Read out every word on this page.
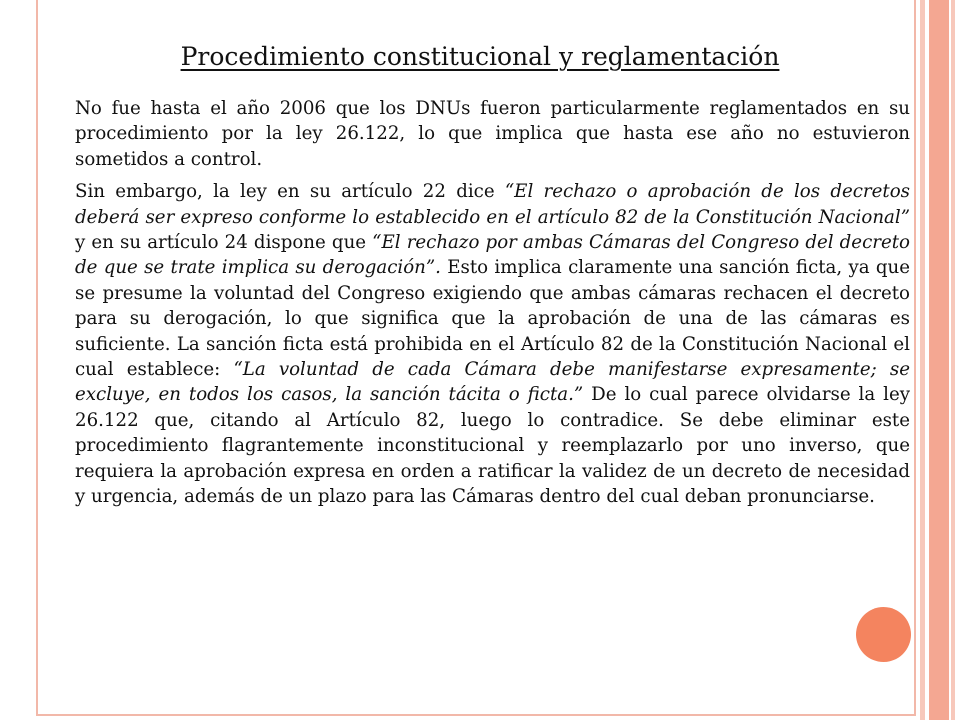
Procedimiento constitucional y reglamentación

No fue hasta el año 2006 que los DNUs fueron particularmente reglamentados en su procedimiento por la ley 26.122, lo que implica que hasta ese año no estuvieron sometidos a control.

Sin embargo, la ley en su artículo 22 dice “El rechazo o aprobación de los decretos deberá ser expreso conforme lo establecido en el artículo 82 de la Constitución Nacional” y en su artículo 24 dispone que “El rechazo por ambas Cámaras del Congreso del decreto de que se trate implica su derogación”. Esto implica claramente una sanción ficta, ya que se presume la voluntad del Congreso exigiendo que ambas cámaras rechacen el decreto para su derogación, lo que significa que la aprobación de una de las cámaras es suficiente. La sanción ficta está prohibida en el Artículo 82 de la Constitución Nacional el cual establece: “La voluntad de cada Cámara debe manifestarse expresamente; se excluye, en todos los casos, la sanción tácita o ficta.” De lo cual parece olvidarse la ley 26.122 que, citando al Artículo 82, luego lo contradice. Se debe eliminar este procedimiento flagrantemente inconstitucional y reemplazarlo por uno inverso, que requiera la aprobación expresa en orden a ratificar la validez de un decreto de necesidad y urgencia, además de un plazo para las Cámaras dentro del cual deban pronunciarse.
